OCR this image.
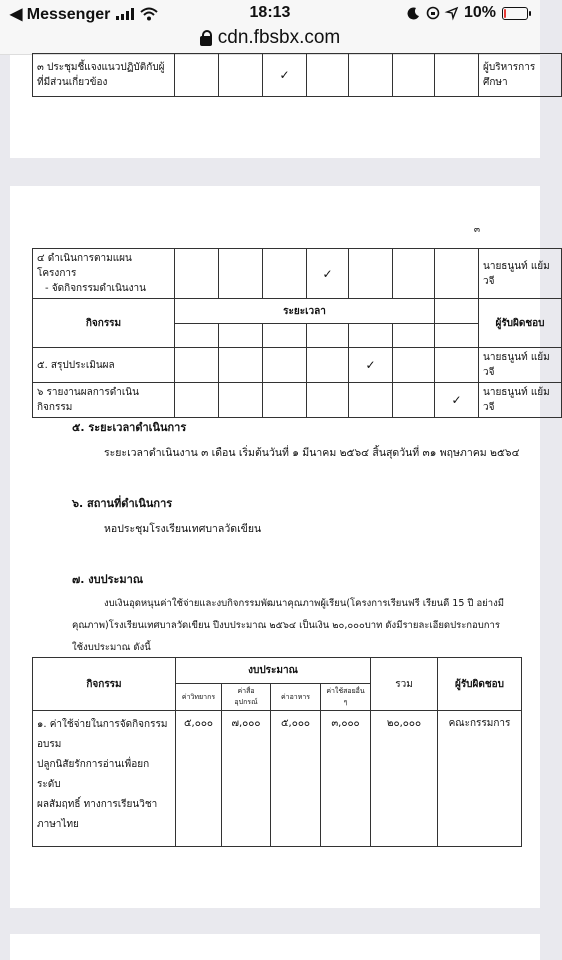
◀ Messenger	18:13	10%
cdn.fbsbx.com
๓ ประชุมชี้แจงแนวปฏิบัติกับผู้ที่มีส่วนเกี่ยวข้อง			✓					ผู้บริหารการศึกษา
๓
๔ ดำเนินการตามแผนโครงการ
- จัดกิจกรรมดำเนินงาน				✓				นายธนูนท์ แย้มวจี
กิจกรรม	ระยะเวลา							ผู้รับผิดชอบ

๕. สรุปประเมินผล					✓			นายธนูนท์ แย้มวจี
๖ รายงานผลการดำเนินกิจกรรม							✓	นายธนูนท์ แย้มวจี
๕. ระยะเวลาดำเนินการ
ระยะเวลาดำเนินงาน ๓ เดือน เริ่มต้นวันที่ ๑ มีนาคม ๒๕๖๔ สิ้นสุดวันที่ ๓๑ พฤษภาคม ๒๕๖๔
๖. สถานที่ดำเนินการ
หอประชุมโรงเรียนเทศบาลวัดเขียน
๗. งบประมาณ
งบเงินอุดหนุนค่าใช้จ่ายและงบกิจกรรมพัฒนาคุณภาพผู้เรียน(โครงการเรียนฟรี เรียนดี 15 ปี อย่างมี
คุณภาพ)โรงเรียนเทศบาลวัดเขียน ปีงบประมาณ ๒๕๖๔ เป็นเงิน ๒๐,๐๐๐บาท ดังมีรายละเอียดประกอบการ
ใช้งบประมาณ ดังนี้
กิจกรรม	งบประมาณ				รวม	ผู้รับผิดชอบ
	ค่าวิทยากร	ค่าสื่ออุปกรณ์	ค่าอาหาร	ค่าใช้สอยอื่น ๆ		

๑. ค่าใช้จ่ายในการจัดกิจกรรมอบรม
ปลูกนิสัยรักการอ่านเพื่อยกระดับ
ผลสัมฤทธิ์ ทางการเรียนวิชา
ภาษาไทย	๕,๐๐๐	๗,๐๐๐	๕,๐๐๐	๓,๐๐๐	๒๐,๐๐๐	คณะกรรมการ
